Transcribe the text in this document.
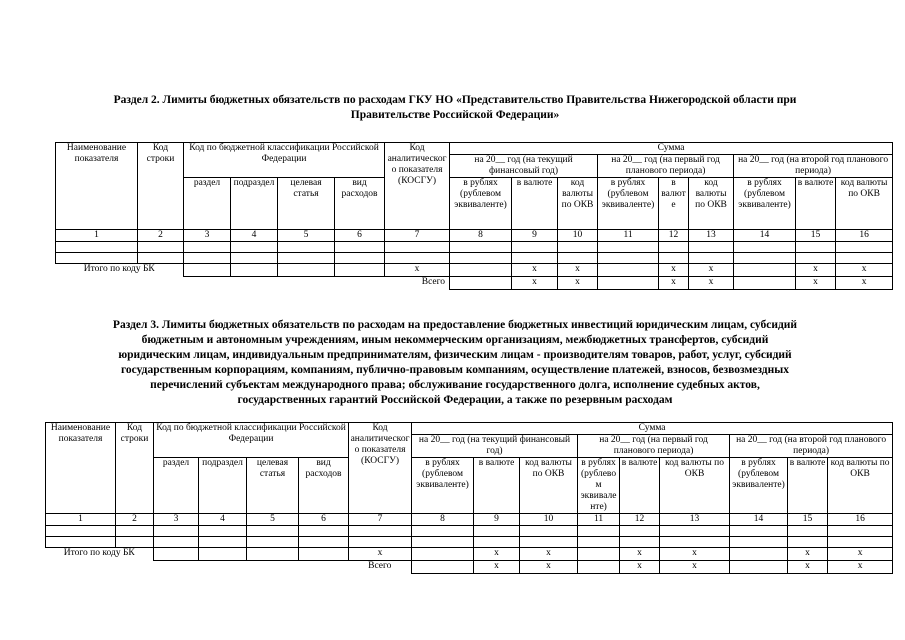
Раздел 2. Лимиты бюджетных обязательств по расходам ГКУ НО «Представительство Правительства Нижегородской области при

Правительстве Российской Федерации»

Наименование показателя	Код строки	Код по бюджетной классификации Российской Федерации				Код аналитического показателя (КОСГУ)	Сумма								
							на 20__ год (на текущий финансовый год)			на 20__ год (на первый год планового периода)			на 20__ год (на второй год планового периода)		
		раздел	подраздел	целевая статья	вид расходов		в рублях (рублевом эквиваленте)	в валюте	код валюты по ОКВ	в рублях (рублевом эквиваленте)	в валюте	код валюты по ОКВ	в рублях (рублевом эквиваленте)	в валюте	код валюты по ОКВ
1	2	3	4	5	6	7	8	9	10	11	12	13	14	15	16

Итого по коду БК						x		x	x		x	x		x	x
						Всего		x	x		x	x		x	x

Раздел 3. Лимиты бюджетных обязательств по расходам на предоставление бюджетных инвестиций юридическим лицам, субсидий

бюджетным и автономным учреждениям, иным некоммерческим организациям, межбюджетных трансфертов, субсидий

юридическим лицам, индивидуальным предпринимателям, физическим лицам - производителям товаров, работ, услуг, субсидий

государственным корпорациям, компаниям, публично-правовым компаниям, осуществление платежей, взносов, безвозмездных

перечислений субъектам международного права; обслуживание государственного долга, исполнение судебных актов,

государственных гарантий Российской Федерации, а также по резервным расходам

Наименование показателя	Код строки	Код по бюджетной классификации Российской Федерации				Код аналитического показателя (КОСГУ)	Сумма								
							на 20__ год (на текущий финансовый год)			на 20__ год (на первый год планового периода)			на 20__ год (на второй год планового периода)		
		раздел	подраздел	целевая статья	вид расходов		в рублях (рублевом эквиваленте)	в валюте	код валюты по ОКВ	в рублях (рублевом эквиваленте)	в валюте	код валюты по ОКВ	в рублях (рублевом эквиваленте)	в валюте	код валюты по ОКВ
1	2	3	4	5	6	7	8	9	10	11	12	13	14	15	16

Итого по коду БК						x		x	x		x	x		x	x
						Всего		x	x		x	x		x	x
